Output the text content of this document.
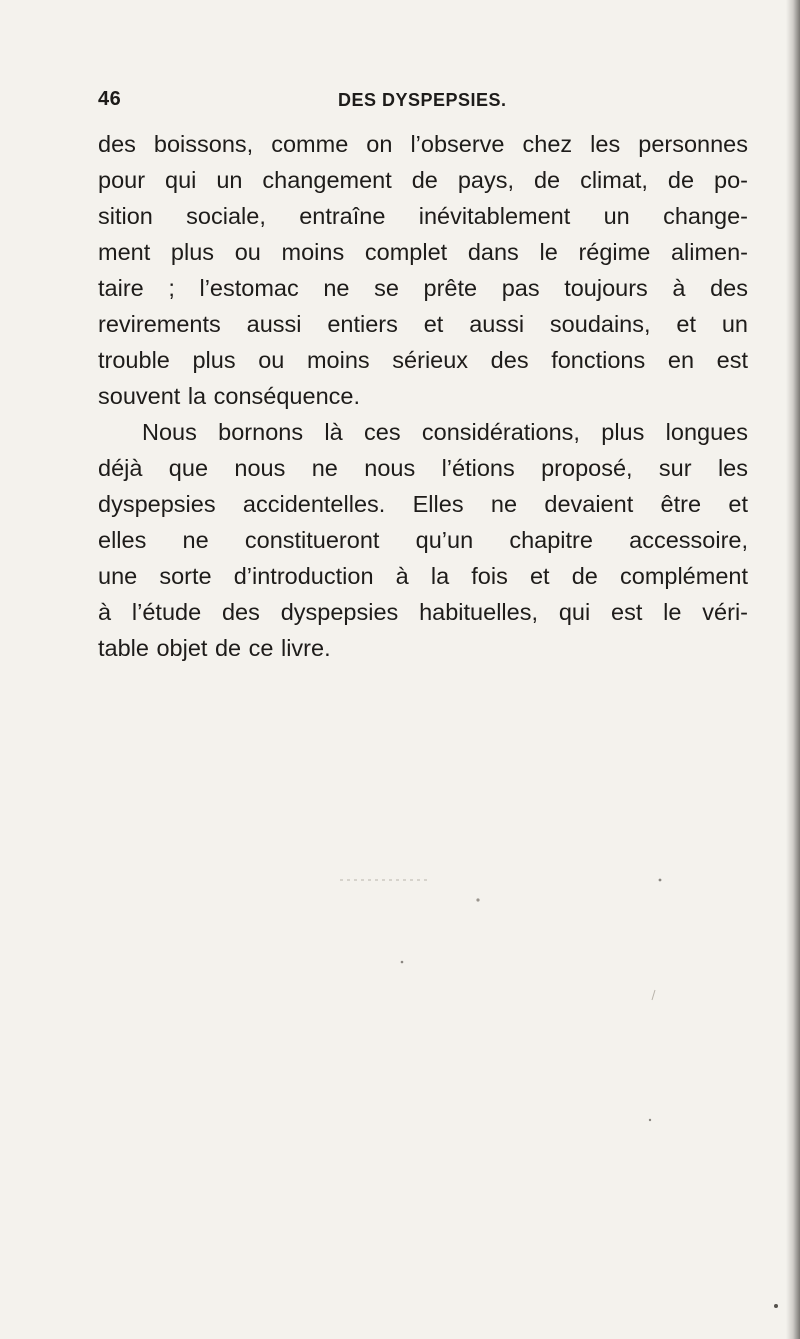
46	DES DYSPEPSIES.
des boissons, comme on l’observe chez les personnes
pour qui un changement de pays, de climat, de po-
sition sociale, entraîne inévitablement un change-
ment plus ou moins complet dans le régime alimen-
taire ; l’estomac ne se prête pas toujours à des
revirements aussi entiers et aussi soudains, et un
trouble plus ou moins sérieux des fonctions en est
souvent la conséquence.
Nous bornons là ces considérations, plus longues
déjà que nous ne nous l’étions proposé, sur les
dyspepsies accidentelles. Elles ne devaient être et
elles ne constitueront qu’un chapitre accessoire,
une sorte d’introduction à la fois et de complément
à l’étude des dyspepsies habituelles, qui est le véri-
table objet de ce livre.
